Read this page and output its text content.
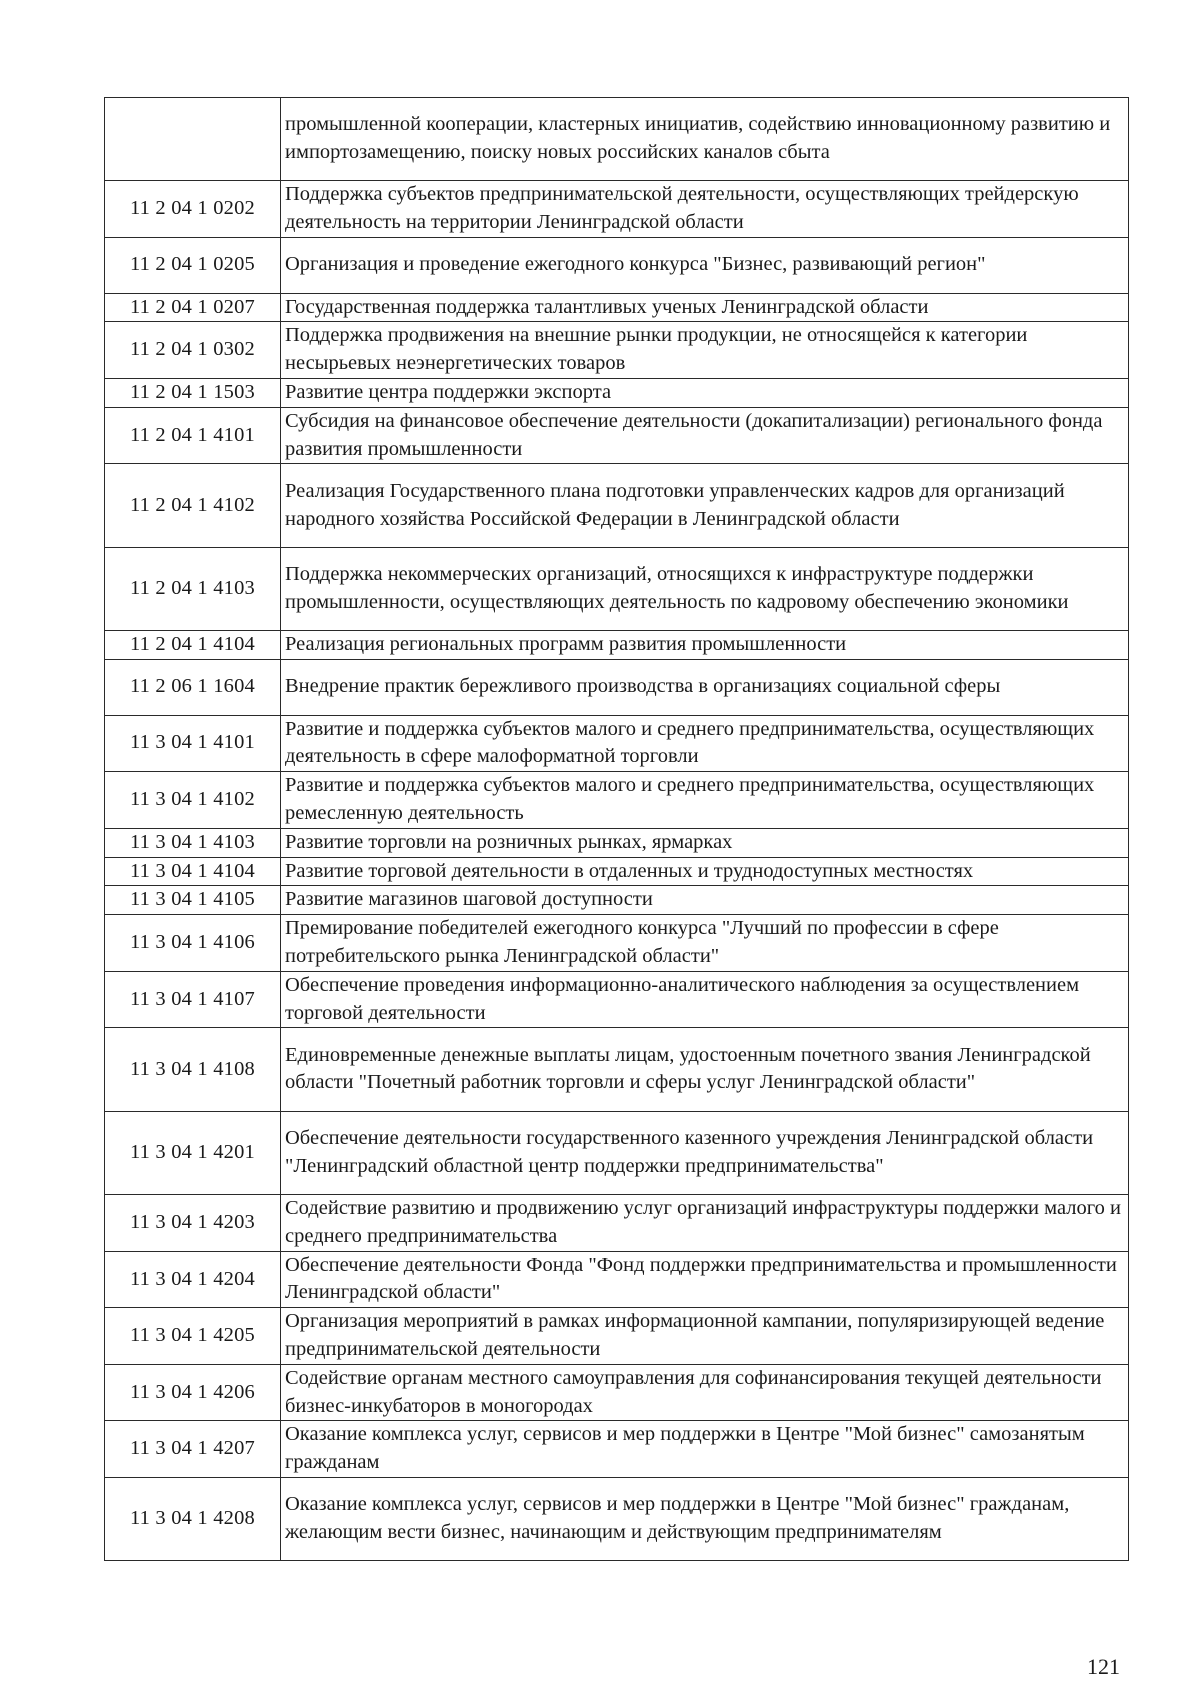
	промышленной кооперации, кластерных инициатив, содействию инновационному развитию и импортозамещению, поиску новых российских каналов сбыта
11 2 04 1 0202	Поддержка субъектов предпринимательской деятельности, осуществляющих трейдерскую деятельность на территории Ленинградской области
11 2 04 1 0205	Организация и проведение ежегодного конкурса "Бизнес, развивающий регион"
11 2 04 1 0207	Государственная поддержка талантливых ученых Ленинградской области
11 2 04 1 0302	Поддержка продвижения на внешние рынки продукции, не относящейся к категории несырьевых неэнергетических товаров
11 2 04 1 1503	Развитие центра поддержки экспорта
11 2 04 1 4101	Субсидия на финансовое обеспечение деятельности (докапитализации) регионального фонда развития промышленности
11 2 04 1 4102	Реализация Государственного плана подготовки управленческих кадров для организаций народного хозяйства Российской Федерации в Ленинградской области
11 2 04 1 4103	Поддержка некоммерческих организаций, относящихся к инфраструктуре поддержки промышленности, осуществляющих деятельность по кадровому обеспечению экономики
11 2 04 1 4104	Реализация региональных программ развития промышленности
11 2 06 1 1604	Внедрение практик бережливого производства в организациях социальной сферы
11 3 04 1 4101	Развитие и поддержка субъектов малого и среднего предпринимательства, осуществляющих деятельность в сфере малоформатной торговли
11 3 04 1 4102	Развитие и поддержка субъектов малого и среднего предпринимательства, осуществляющих ремесленную деятельность
11 3 04 1 4103	Развитие торговли на розничных рынках, ярмарках
11 3 04 1 4104	Развитие торговой деятельности в отдаленных и труднодоступных местностях
11 3 04 1 4105	Развитие магазинов шаговой доступности
11 3 04 1 4106	Премирование победителей ежегодного конкурса "Лучший по профессии в сфере потребительского рынка Ленинградской области"
11 3 04 1 4107	Обеспечение проведения информационно-аналитического наблюдения за осуществлением торговой деятельности
11 3 04 1 4108	Единовременные денежные выплаты лицам, удостоенным почетного звания Ленинградской области "Почетный работник торговли и сферы услуг Ленинградской области"
11 3 04 1 4201	Обеспечение деятельности государственного казенного учреждения Ленинградской области "Ленинградский областной центр поддержки предпринимательства"
11 3 04 1 4203	Содействие развитию и продвижению услуг организаций инфраструктуры поддержки малого и среднего предпринимательства
11 3 04 1 4204	Обеспечение деятельности Фонда "Фонд поддержки предпринимательства и промышленности Ленинградской области"
11 3 04 1 4205	Организация мероприятий в рамках информационной кампании, популяризирующей ведение предпринимательской деятельности
11 3 04 1 4206	Содействие органам местного самоуправления для софинансирования текущей деятельности бизнес-инкубаторов в моногородах
11 3 04 1 4207	Оказание комплекса услуг, сервисов и мер поддержки в Центре "Мой бизнес" самозанятым гражданам
11 3 04 1 4208	Оказание комплекса услуг, сервисов и мер поддержки в Центре "Мой бизнес" гражданам, желающим вести бизнес, начинающим и действующим предпринимателям
121
